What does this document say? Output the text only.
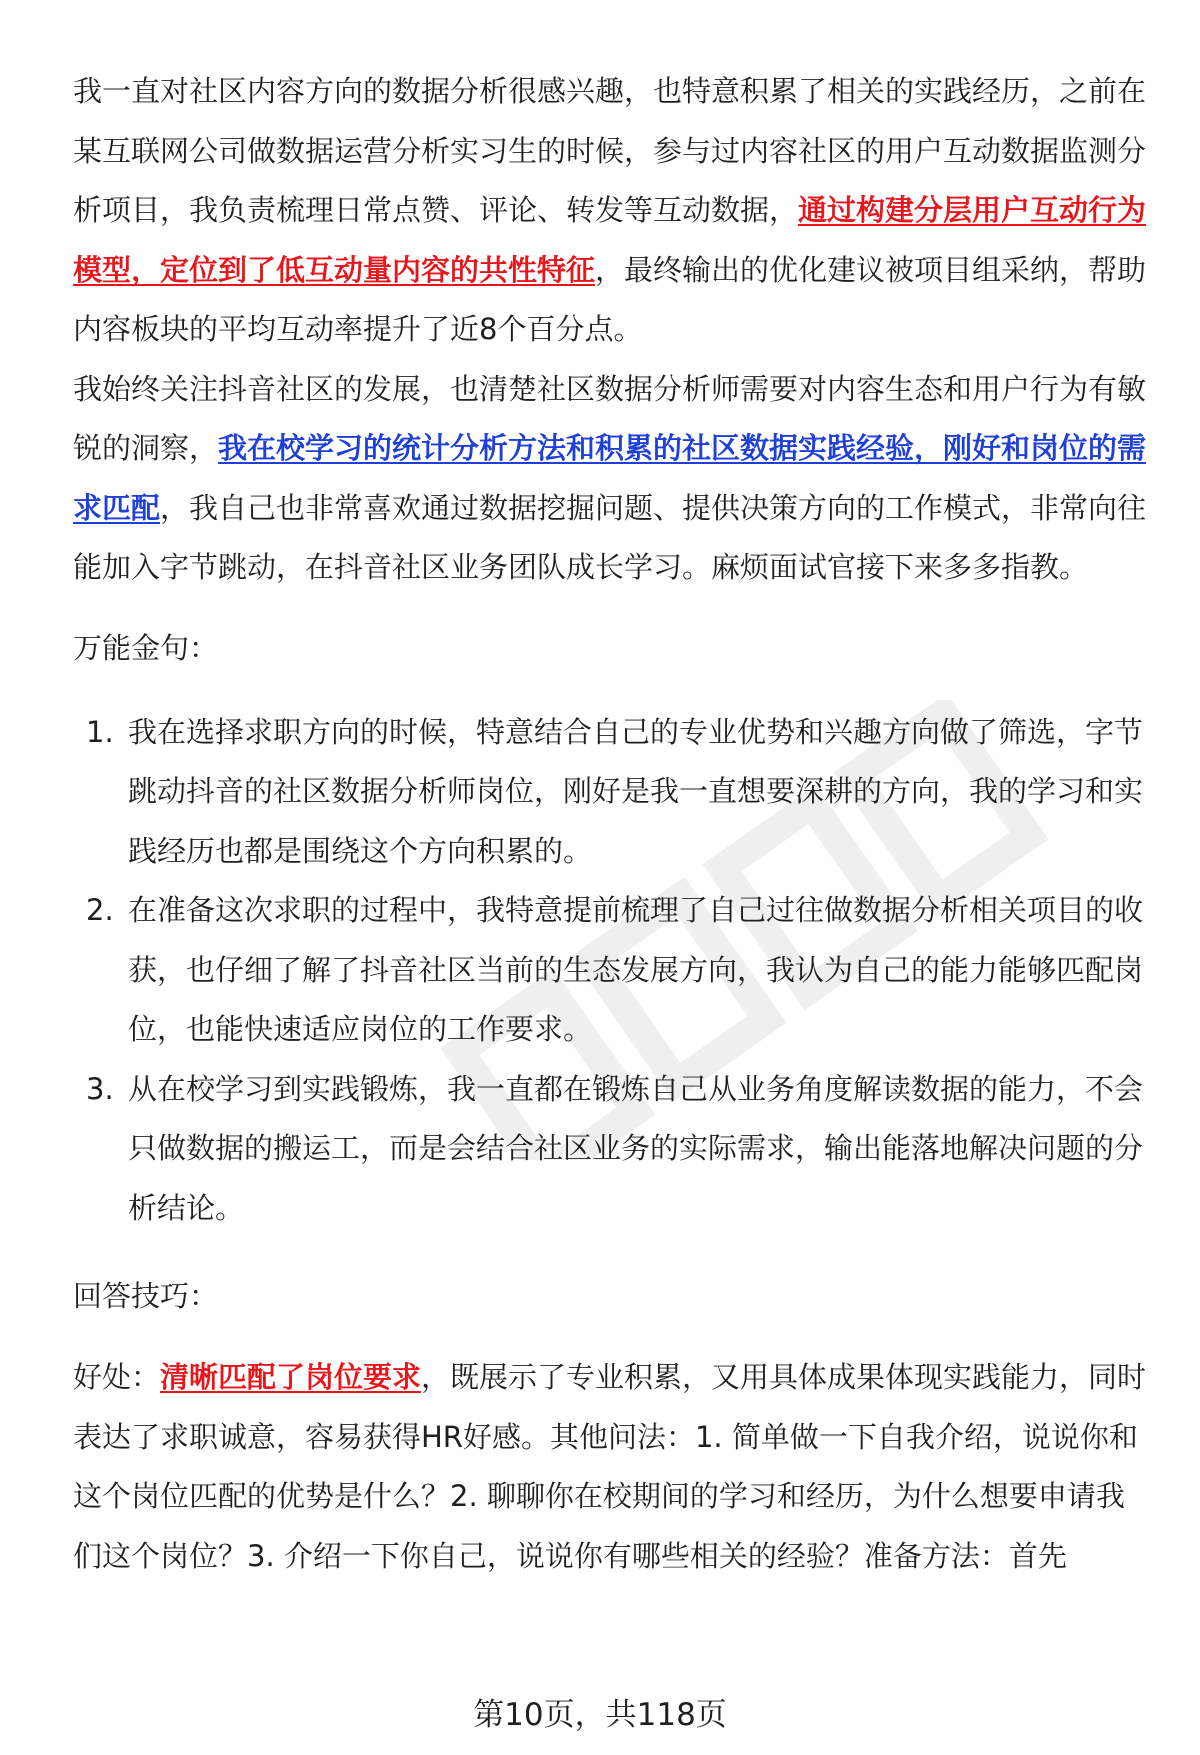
我一直对社区内容方向的数据分析很感兴趣，也特意积累了相关的实践经历，之前在某互联网公司做数据运营分析实习生的时候，参与过内容社区的用户互动数据监测分析项目，我负责梳理日常点赞、评论、转发等互动数据，通过构建分层用户互动行为模型，定位到了低互动量内容的共性特征，最终输出的优化建议被项目组采纳，帮助内容板块的平均互动率提升了近8个百分点。

我始终关注抖音社区的发展，也清楚社区数据分析师需要对内容生态和用户行为有敏锐的洞察，我在校学习的统计分析方法和积累的社区数据实践经验，刚好和岗位的需求匹配，我自己也非常喜欢通过数据挖掘问题、提供决策方向的工作模式，非常向往能加入字节跳动，在抖音社区业务团队成长学习。麻烦面试官接下来多多指教。

万能金句：

1. 我在选择求职方向的时候，特意结合自己的专业优势和兴趣方向做了筛选，字节跳动抖音的社区数据分析师岗位，刚好是我一直想要深耕的方向，我的学习和实践经历也都是围绕这个方向积累的。
2. 在准备这次求职的过程中，我特意提前梳理了自己过往做数据分析相关项目的收获，也仔细了解了抖音社区当前的生态发展方向，我认为自己的能力能够匹配岗位，也能快速适应岗位的工作要求。
3. 从在校学习到实践锻炼，我一直都在锻炼自己从业务角度解读数据的能力，不会只做数据的搬运工，而是会结合社区业务的实际需求，输出能落地解决问题的分析结论。

回答技巧：

好处：清晰匹配了岗位要求，既展示了专业积累，又用具体成果体现实践能力，同时表达了求职诚意，容易获得HR好感。其他问法：1. 简单做一下自我介绍，说说你和这个岗位匹配的优势是什么？2. 聊聊你在校期间的学习和经历，为什么想要申请我们这个岗位？3. 介绍一下你自己，说说你有哪些相关的经验？准备方法：首先

第10页，共118页
